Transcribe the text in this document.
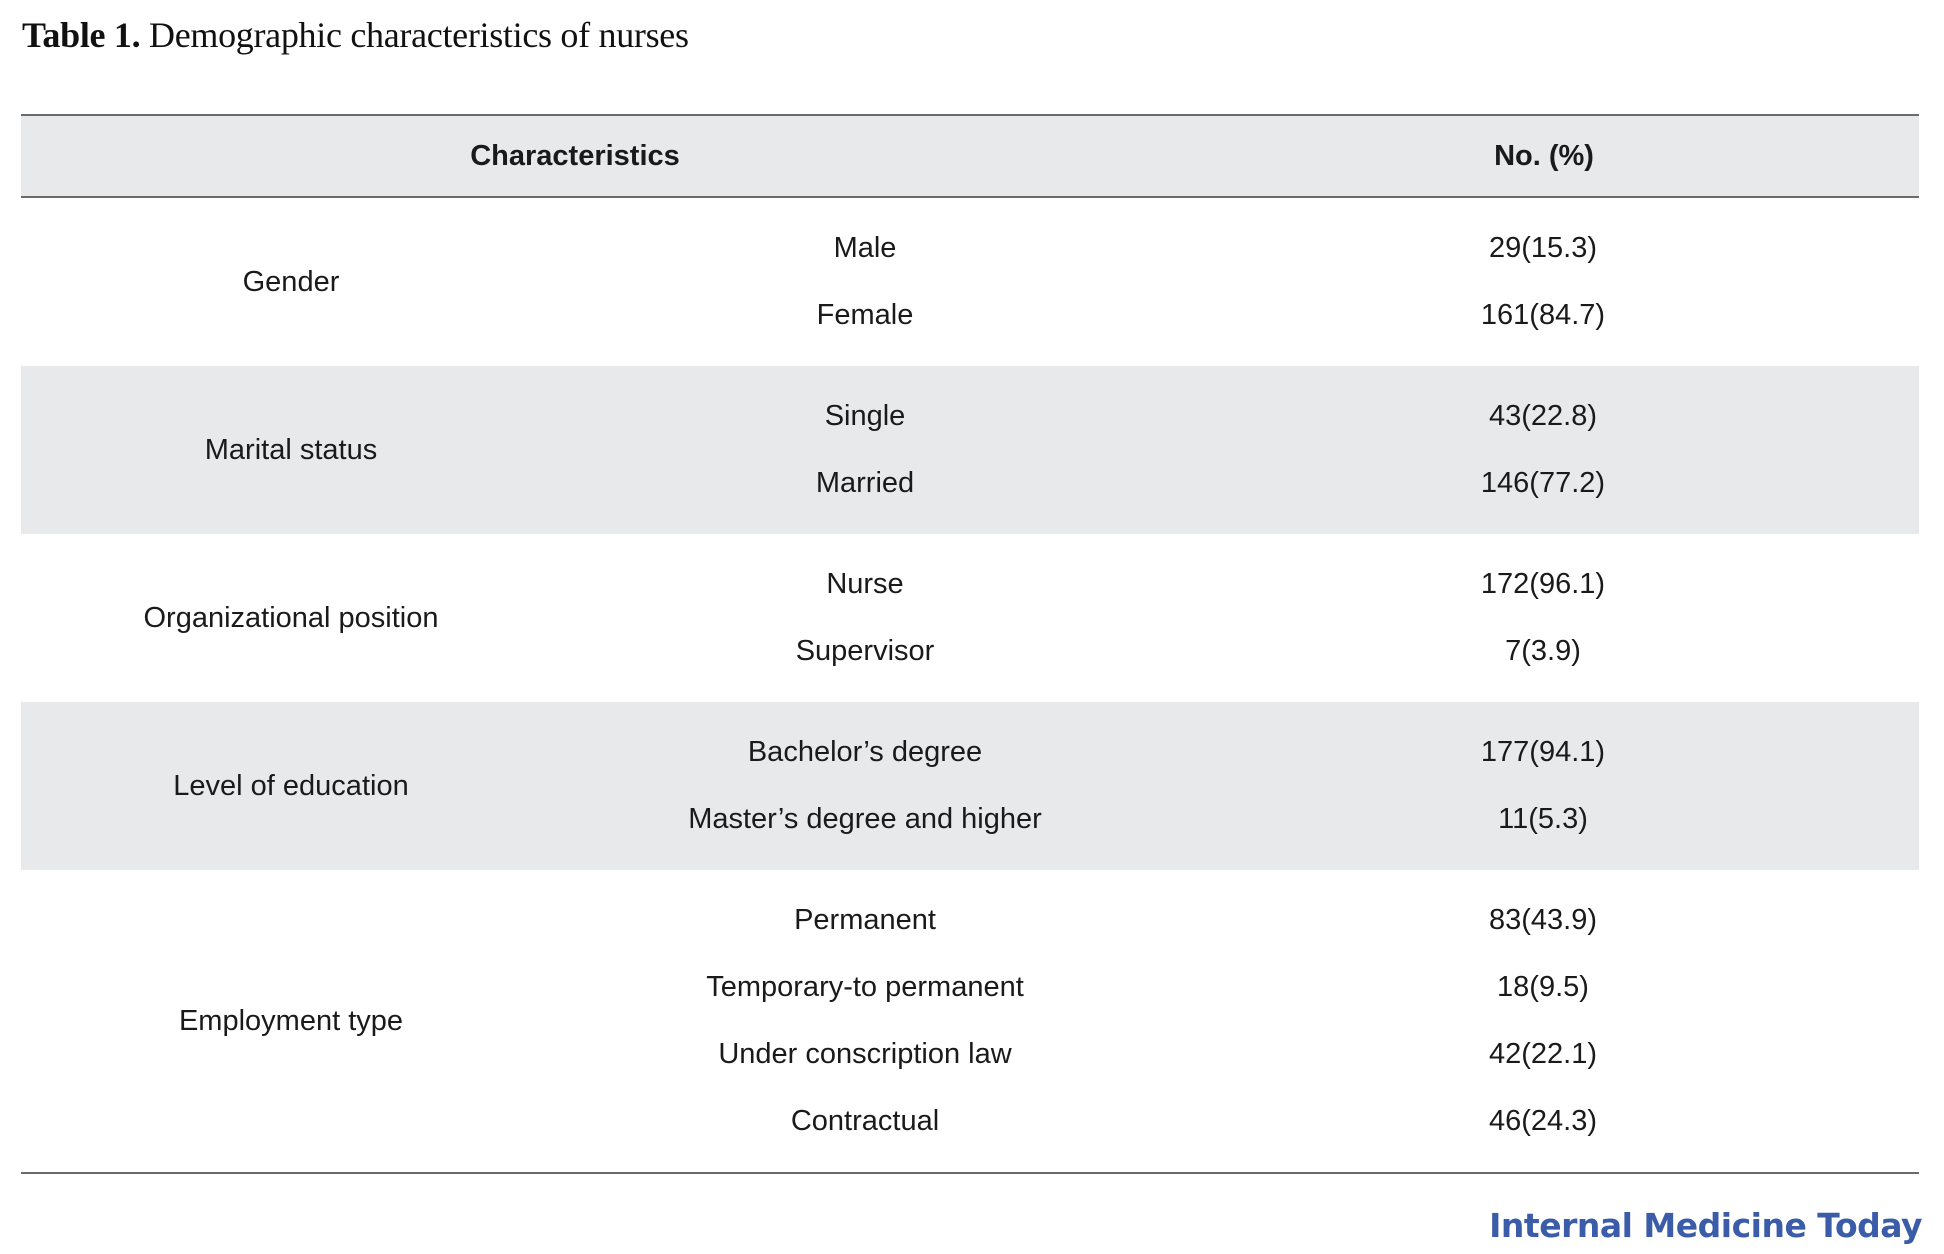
Table 1. Demographic characteristics of nurses
Characteristics	No. (%)
Gender
Male	29(15.3)
Female	161(84.7)
Marital status
Single	43(22.8)
Married	146(77.2)
Organizational position
Nurse	172(96.1)
Supervisor	7(3.9)
Level of education
Bachelor’s degree	177(94.1)
Master’s degree and higher	11(5.3)
Employment type
Permanent	83(43.9)
Temporary-to permanent	18(9.5)
Under conscription law	42(22.1)
Contractual	46(24.3)
Internal Medicine Today
